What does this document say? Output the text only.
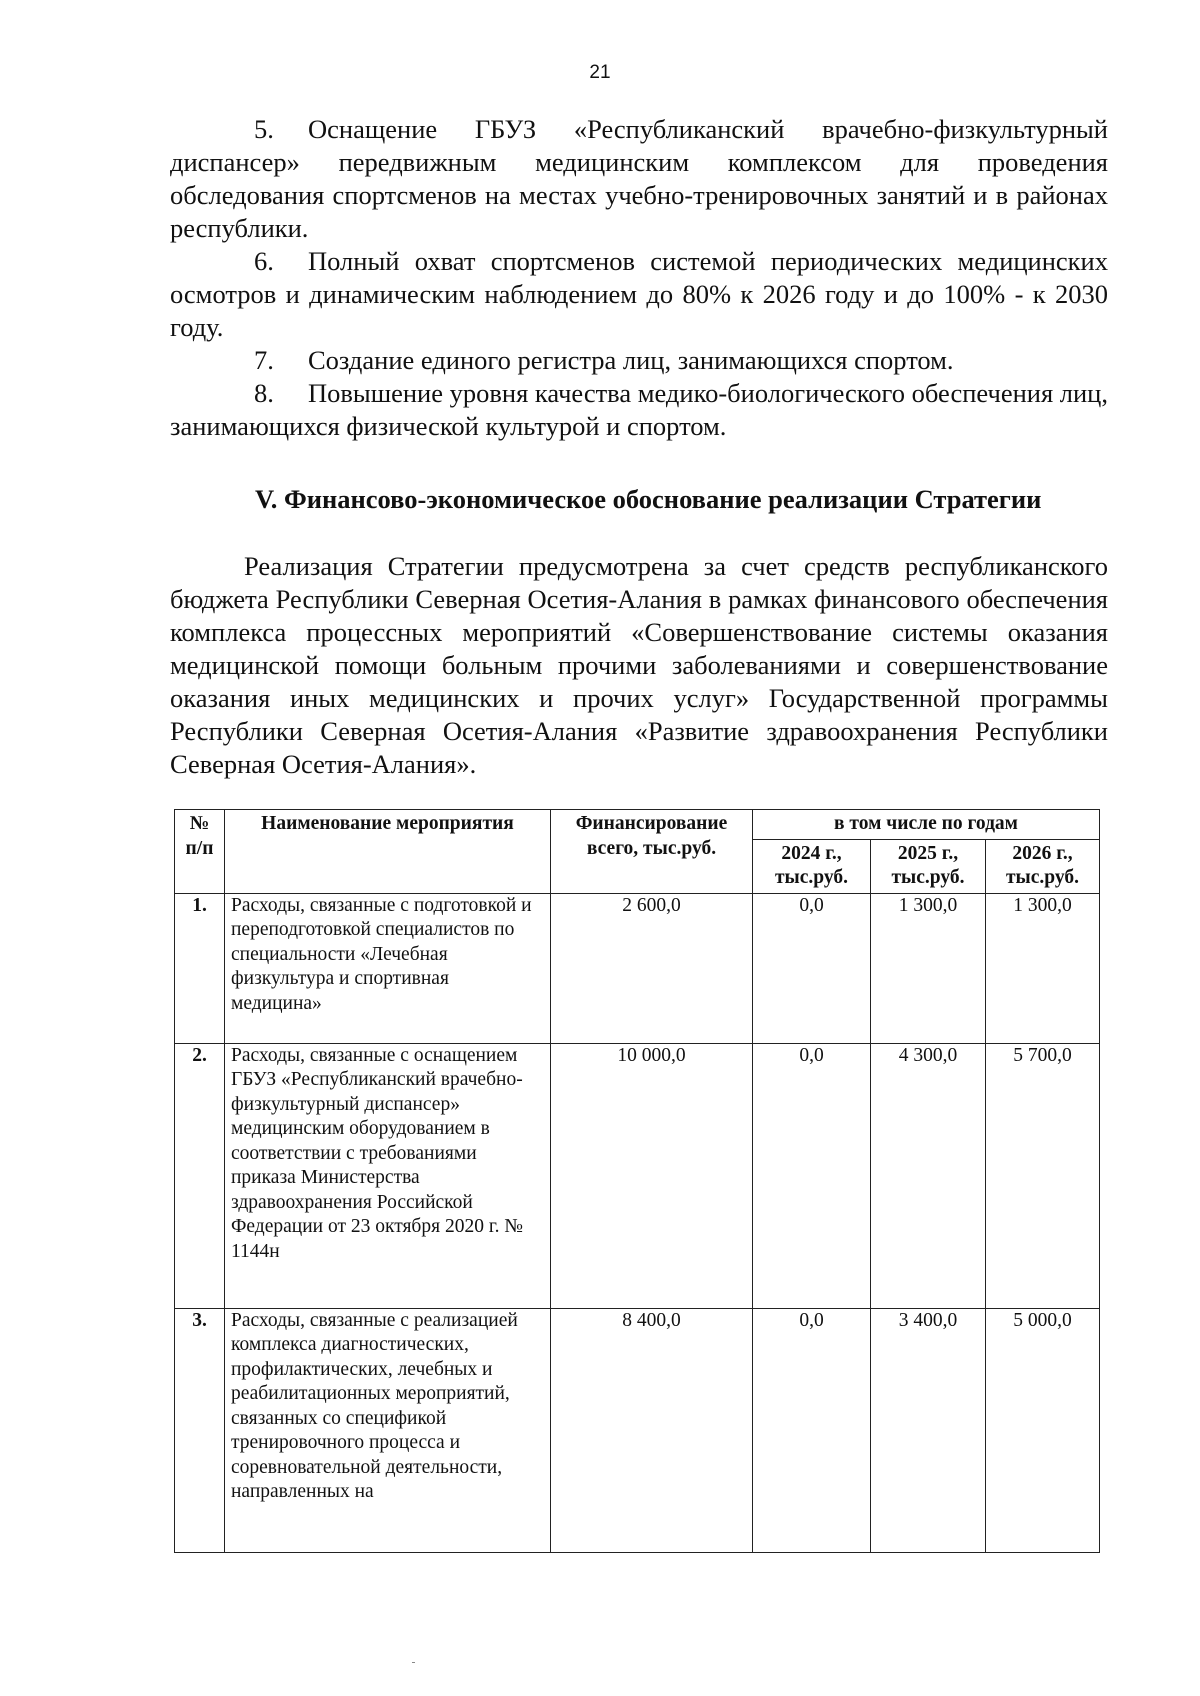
21
5. Оснащение ГБУЗ «Республиканский врачебно-физкультурный диспансер» передвижным медицинским комплексом для проведения обследования спортсменов на местах учебно-тренировочных занятий и в районах республики.
6. Полный охват спортсменов системой периодических медицинских осмотров и динамическим наблюдением до 80% к 2026 году и до 100% - к 2030 году.
7. Создание единого регистра лиц, занимающихся спортом.
8. Повышение уровня качества медико-биологического обеспечения лиц, занимающихся физической культурой и спортом.
V. Финансово-экономическое обоснование реализации Стратегии
Реализация Стратегии предусмотрена за счет средств республиканского бюджета Республики Северная Осетия-Алания в рамках финансового обеспечения комплекса процессных мероприятий «Совершенствование системы оказания медицинской помощи больным прочими заболеваниями и совершенствование оказания иных медицинских и прочих услуг» Государственной программы Республики Северная Осетия-Алания «Развитие здравоохранения Республики Северная Осетия-Алания».
№ п/п	Наименование мероприятия	Финансирование всего, тыс.руб.	в том числе по годам		
			2024 г., тыс.руб.	2025 г., тыс.руб.	2026 г., тыс.руб.
1.	Расходы, связанные с подготовкой и переподготовкой специалистов по специальности «Лечебная физкультура и спортивная медицина»	2 600,0	0,0	1 300,0	1 300,0
2.	Расходы, связанные с оснащением ГБУЗ «Республиканский врачебно-физкультурный диспансер» медицинским оборудованием в соответствии с требованиями приказа Министерства здравоохранения Российской Федерации от 23 октября 2020 г. № 1144н	10 000,0	0,0	4 300,0	5 700,0
3.	Расходы, связанные с реализацией комплекса диагностических, профилактических, лечебных и реабилитационных мероприятий, связанных со спецификой тренировочного процесса и соревновательной деятельности, направленных на	8 400,0	0,0	3 400,0	5 000,0
